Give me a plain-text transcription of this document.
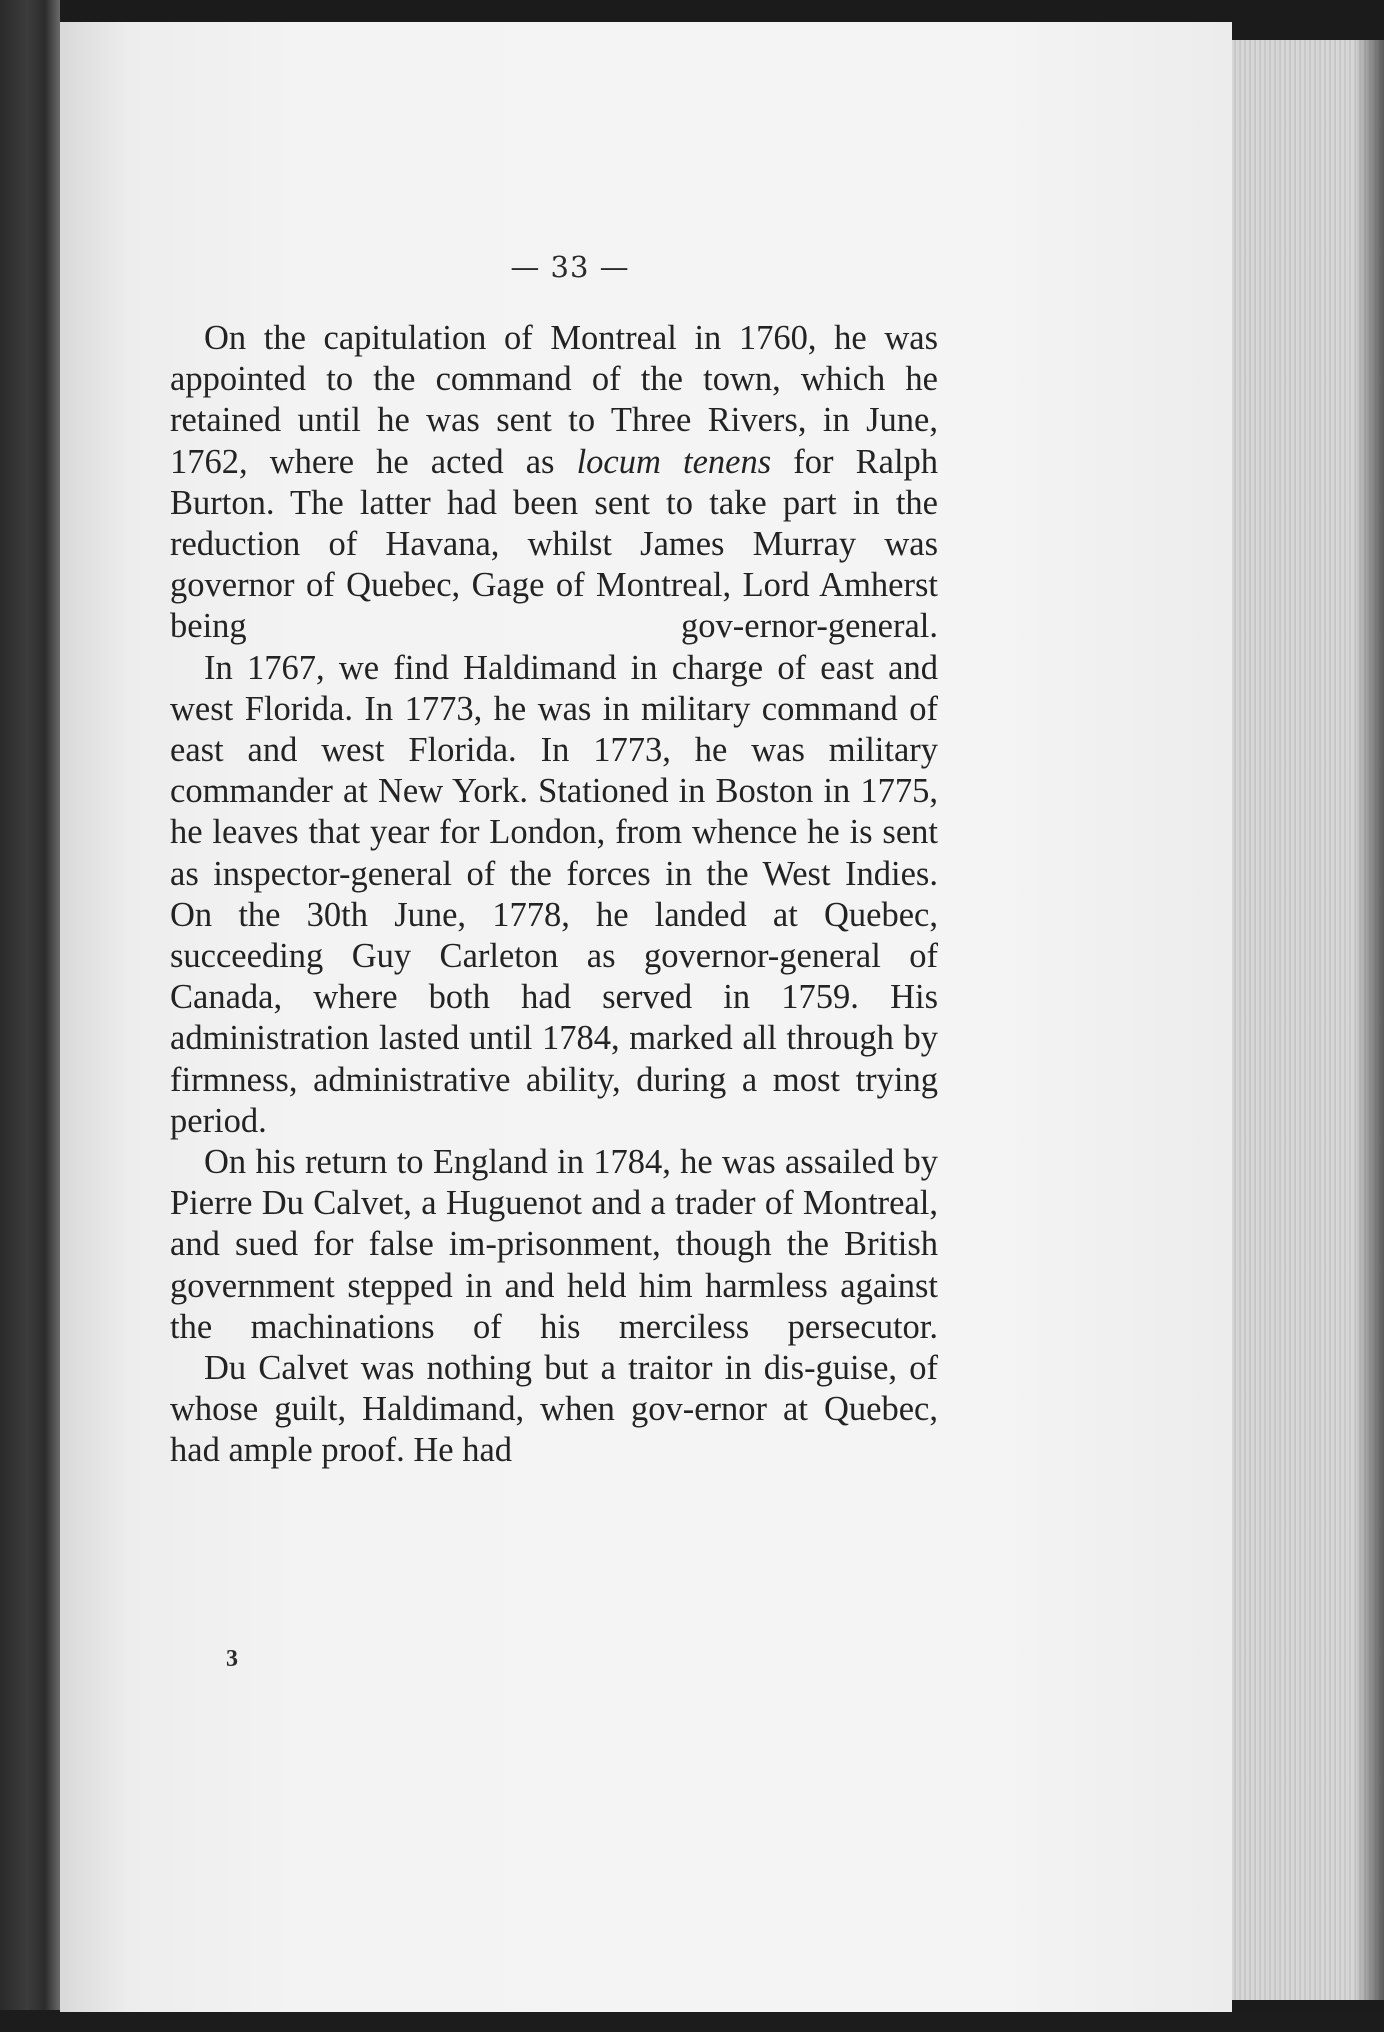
— 33 —

On the capitulation of Montreal in 1760, he was appointed to the command of the town, which he retained until he was sent to Three Rivers, in June, 1762, where he acted as locum tenens for Ralph Burton. The latter had been sent to take part in the reduction of Havana, whilst James Murray was governor of Quebec, Gage of Montreal, Lord Amherst being gov-ernor-general.

In 1767, we find Haldimand in charge of east and west Florida. In 1773, he was in military command of east and west Florida. In 1773, he was military commander at New York. Stationed in Boston in 1775, he leaves that year for London, from whence he is sent as inspector-general of the forces in the West Indies. On the 30th June, 1778, he landed at Quebec, succeeding Guy Carleton as governor-general of Canada, where both had served in 1759. His administration lasted until 1784, marked all through by firmness, administrative ability, during a most trying period.

On his return to England in 1784, he was assailed by Pierre Du Calvet, a Huguenot and a trader of Montreal, and sued for false im-prisonment, though the British government stepped in and held him harmless against the machinations of his merciless persecutor.

Du Calvet was nothing but a traitor in dis-guise, of whose guilt, Haldimand, when gov-ernor at Quebec, had ample proof. He had

3
